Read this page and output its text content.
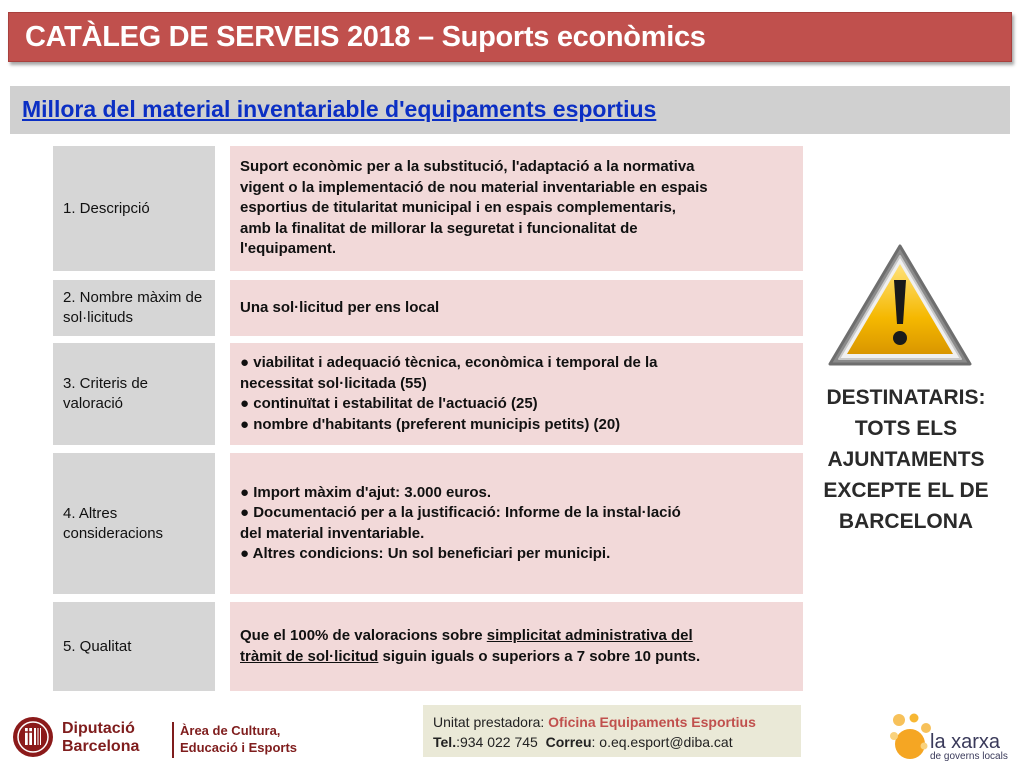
CATÀLEG DE SERVEIS 2018 – Suports econòmics
Millora del material inventariable d'equipaments esportius
1. Descripció
Suport econòmic per a la substitució, l'adaptació a la normativa
vigent o la implementació de nou material inventariable en espais
esportius de titularitat municipal i en espais complementaris,
amb la finalitat de millorar la seguretat i funcionalitat de
l'equipament.
2. Nombre màxim de sol·licituds
Una sol·licitud per ens local
3. Criteris de valoració
● viabilitat i adequació tècnica, econòmica i temporal de la
necessitat sol·licitada (55)
● continuïtat i estabilitat de l'actuació (25)
● nombre d'habitants (preferent municipis petits) (20)
4. Altres consideracions
● Import màxim d'ajut: 3.000 euros.
● Documentació per a la justificació: Informe de la instal·lació
del material inventariable.
● Altres condicions: Un sol beneficiari per municipi.
5. Qualitat
Que el 100% de valoracions sobre simplicitat administrativa del
tràmit de sol·licitud siguin iguals o superiors a 7 sobre 10 punts.
DESTINATARIS:
TOTS ELS
AJUNTAMENTS
EXCEPTE EL DE
BARCELONA
Unitat prestadora: Oficina Equipaments Esportius
Tel.:934 022 745 Correu: o.eq.esport@diba.cat
Diputació
Barcelona
Àrea de Cultura,
Educació i Esports	la xarxa
de governs locals
